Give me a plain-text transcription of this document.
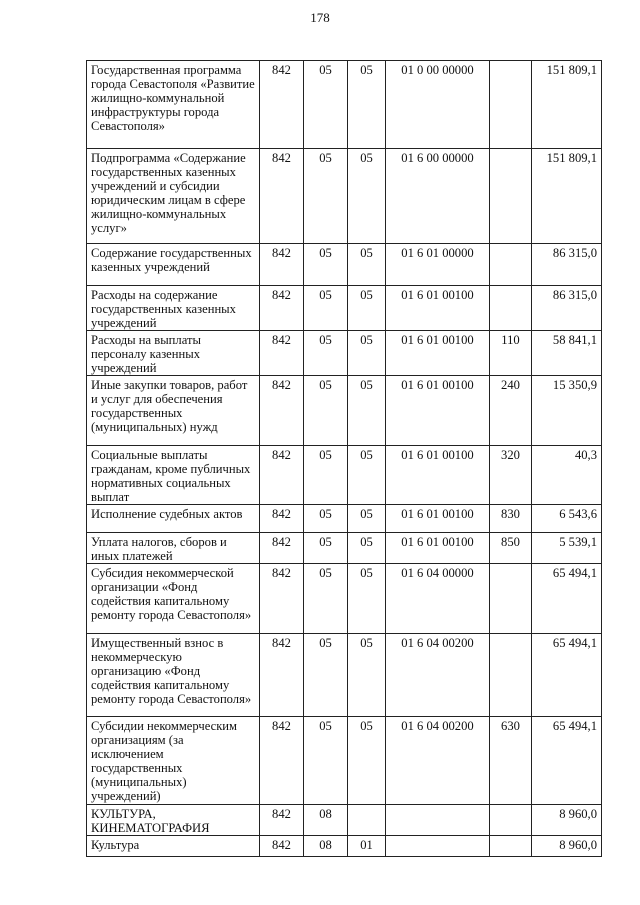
178
Государственная программа города Севастополя «Развитие жилищно-коммунальной инфраструктуры города Севастополя»	842	05	05	01 0 00 00000		151 809,1
Подпрограмма «Содержание государственных казенных учреждений и субсидии юридическим лицам в сфере жилищно-коммунальных услуг»	842	05	05	01 6 00 00000		151 809,1
Содержание государственных казенных учреждений	842	05	05	01 6 01 00000		86 315,0
Расходы на содержание государственных казенных учреждений	842	05	05	01 6 01 00100		86 315,0
Расходы на выплаты персоналу казенных учреждений	842	05	05	01 6 01 00100	110	58 841,1
Иные закупки товаров, работ и услуг для обеспечения государственных (муниципальных) нужд	842	05	05	01 6 01 00100	240	15 350,9
Социальные выплаты гражданам, кроме публичных нормативных социальных выплат	842	05	05	01 6 01 00100	320	40,3
Исполнение судебных актов	842	05	05	01 6 01 00100	830	6 543,6
Уплата налогов, сборов и иных платежей	842	05	05	01 6 01 00100	850	5 539,1
Субсидия некоммерческой организации «Фонд содействия капитальному ремонту города Севастополя»	842	05	05	01 6 04 00000		65 494,1
Имущественный взнос в некоммерческую организацию «Фонд содействия капитальному ремонту города Севастополя»	842	05	05	01 6 04 00200		65 494,1
Субсидии некоммерческим организациям (за исключением государственных (муниципальных) учреждений)	842	05	05	01 6 04 00200	630	65 494,1
КУЛЬТУРА, КИНЕМАТОГРАФИЯ	842	08				8 960,0
Культура	842	08	01			8 960,0
